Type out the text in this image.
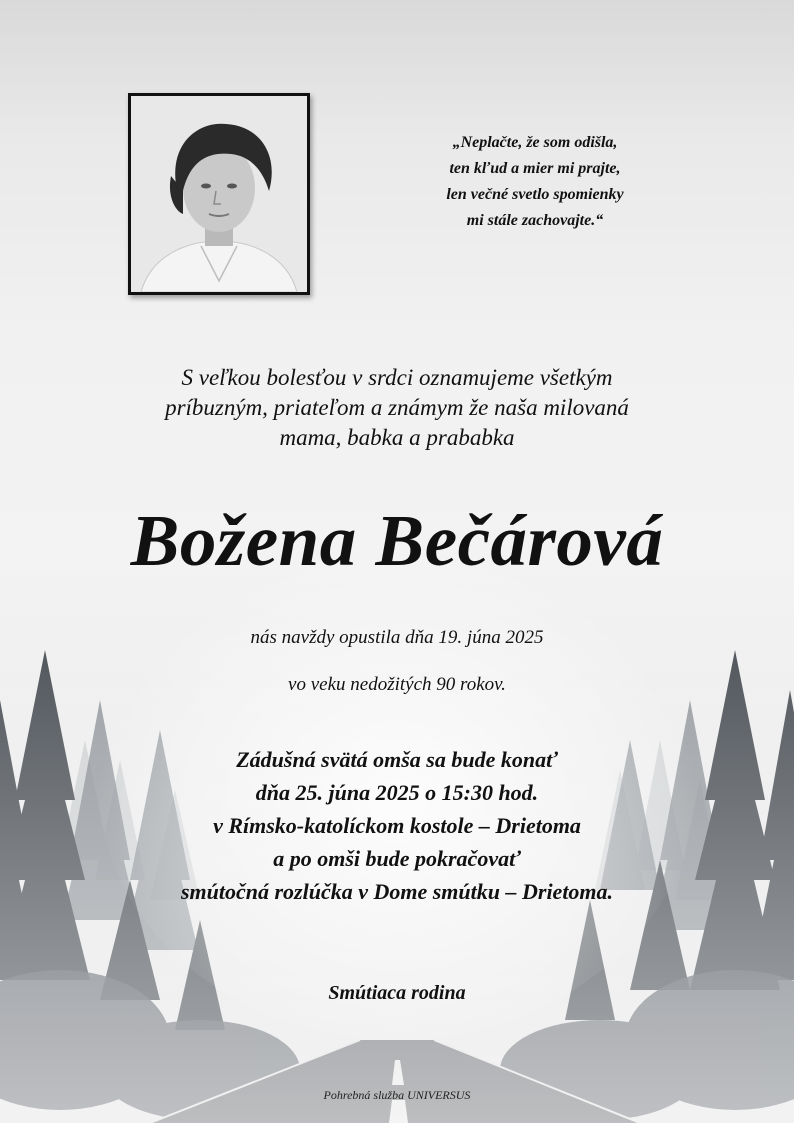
„Neplačte, že som odišla,
ten kľud a mier mi prajte,
len večné svetlo spomienky
mi stále zachovajte.“
S veľkou bolesťou v srdci oznamujeme všetkým
príbuzným, priateľom a známym že naša milovaná
mama, babka a prababka
Božena Bečárová
nás navždy opustila dňa 19. júna 2025
vo veku nedožitých 90 rokov.
Zádušná svätá omša sa bude konať
dňa 25. júna 2025 o 15:30 hod.
v Rímsko-katolíckom kostole – Drietoma
a po omši bude pokračovať
smútočná rozlúčka v Dome smútku – Drietoma.
Smútiaca rodina
Pohrebná služba UNIVERSUS
